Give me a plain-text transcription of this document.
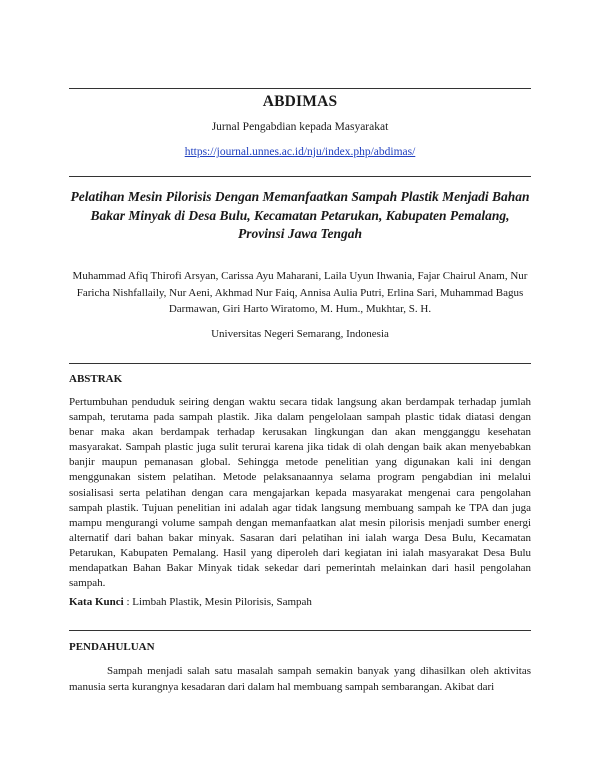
ABDIMAS
Jurnal Pengabdian kepada Masyarakat
https://journal.unnes.ac.id/nju/index.php/abdimas/
Pelatihan Mesin Pilorisis Dengan Memanfaatkan Sampah Plastik Menjadi Bahan Bakar Minyak di Desa Bulu, Kecamatan Petarukan, Kabupaten Pemalang, Provinsi Jawa Tengah
Muhammad Afiq Thirofi Arsyan, Carissa Ayu Maharani, Laila Uyun Ihwania, Fajar Chairul Anam, Nur Faricha Nishfallaily, Nur Aeni, Akhmad Nur Faiq, Annisa Aulia Putri, Erlina Sari, Muhammad Bagus Darmawan, Giri Harto Wiratomo, M. Hum., Mukhtar, S. H.
Universitas Negeri Semarang, Indonesia
ABSTRAK
Pertumbuhan penduduk seiring dengan waktu secara tidak langsung akan berdampak terhadap jumlah sampah, terutama pada sampah plastik. Jika dalam pengelolaan sampah plastic tidak diatasi dengan benar maka akan berdampak terhadap kerusakan lingkungan dan akan mengganggu kesehatan masyarakat. Sampah plastic juga sulit terurai karena jika tidak di olah dengan baik akan menyebabkan banjir maupun pemanasan global. Sehingga metode penelitian yang digunakan kali ini dengan menggunakan sistem pelatihan. Metode pelaksanaannya selama program pengabdian ini melalui sosialisasi serta pelatihan dengan cara mengajarkan kepada masyarakat mengenai cara pengolahan sampah plastik. Tujuan penelitian ini adalah agar tidak langsung membuang sampah ke TPA dan juga mampu mengurangi volume sampah dengan memanfaatkan alat mesin pilorisis menjadi sumber energi alternatif dari bahan bakar minyak. Sasaran dari pelatihan ini ialah warga Desa Bulu, Kecamatan Petarukan, Kabupaten Pemalang. Hasil yang diperoleh dari kegiatan ini ialah masyarakat Desa Bulu mendapatkan Bahan Bakar Minyak tidak sekedar dari pemerintah melainkan dari hasil pengolahan sampah.
Kata Kunci : Limbah Plastik, Mesin Pilorisis, Sampah
PENDAHULUAN
Sampah menjadi salah satu masalah sampah semakin banyak yang dihasilkan oleh aktivitas manusia serta kurangnya kesadaran dari dalam hal membuang sampah sembarangan. Akibat dari
